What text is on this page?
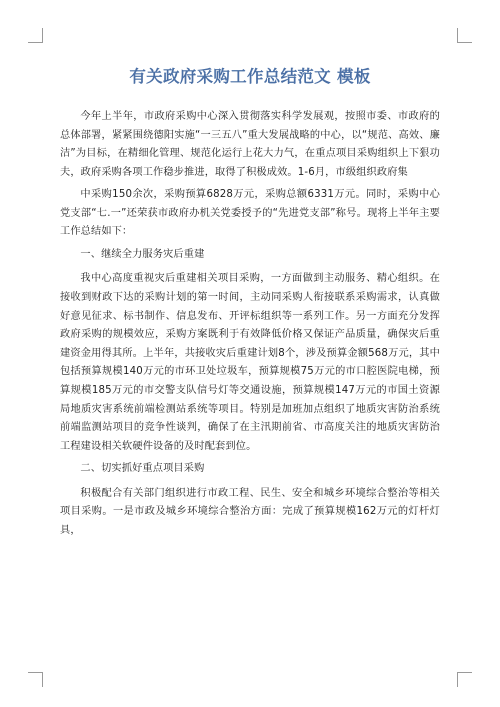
有关政府采购工作总结范文 模板

今年上半年，市政府采购中心深入贯彻落实科学发展观，按照市委、市政府的总体部署，紧紧围绕德阳实施“一三五八”重大发展战略的中心，以“规范、高效、廉洁”为目标，在精细化管理、规范化运行上花大力气，在重点项目采购组织上下狠功夫，政府采购各项工作稳步推进，取得了积极成效。1-6月，市级组织政府集

中采购150余次，采购预算6828万元，采购总额6331万元。同时，采购中心党支部“七.一”还荣获市政府办机关党委授予的“先进党支部”称号。现将上半年主要工作总结如下：

一、继续全力服务灾后重建

我中心高度重视灾后重建相关项目采购，一方面做到主动服务、精心组织。在接收到财政下达的采购计划的第一时间，主动同采购人衔接联系采购需求，认真做好意见征求、标书制作、信息发布、开评标组织等一系列工作。另一方面充分发挥政府采购的规模效应，采购方案既利于有效降低价格又保证产品质量，确保灾后重建资金用得其所。上半年，共接收灾后重建计划8个，涉及预算金额568万元，其中包括预算规模140万元的市环卫处垃圾车，预算规模75万元的市口腔医院电梯，预算规模185万元的市交警支队信号灯等交通设施，预算规模147万元的市国土资源局地质灾害系统前端检测站系统等项目。特别是加班加点组织了地质灾害防治系统前端监测站项目的竞争性谈判，确保了在主汛期前省、市高度关注的地质灾害防治工程建设相关软硬件设备的及时配套到位。

二、切实抓好重点项目采购

积极配合有关部门组织进行市政工程、民生、安全和城乡环境综合整治等相关项目采购。一是市政及城乡环境综合整治方面：完成了预算规模162万元的灯杆灯具，
